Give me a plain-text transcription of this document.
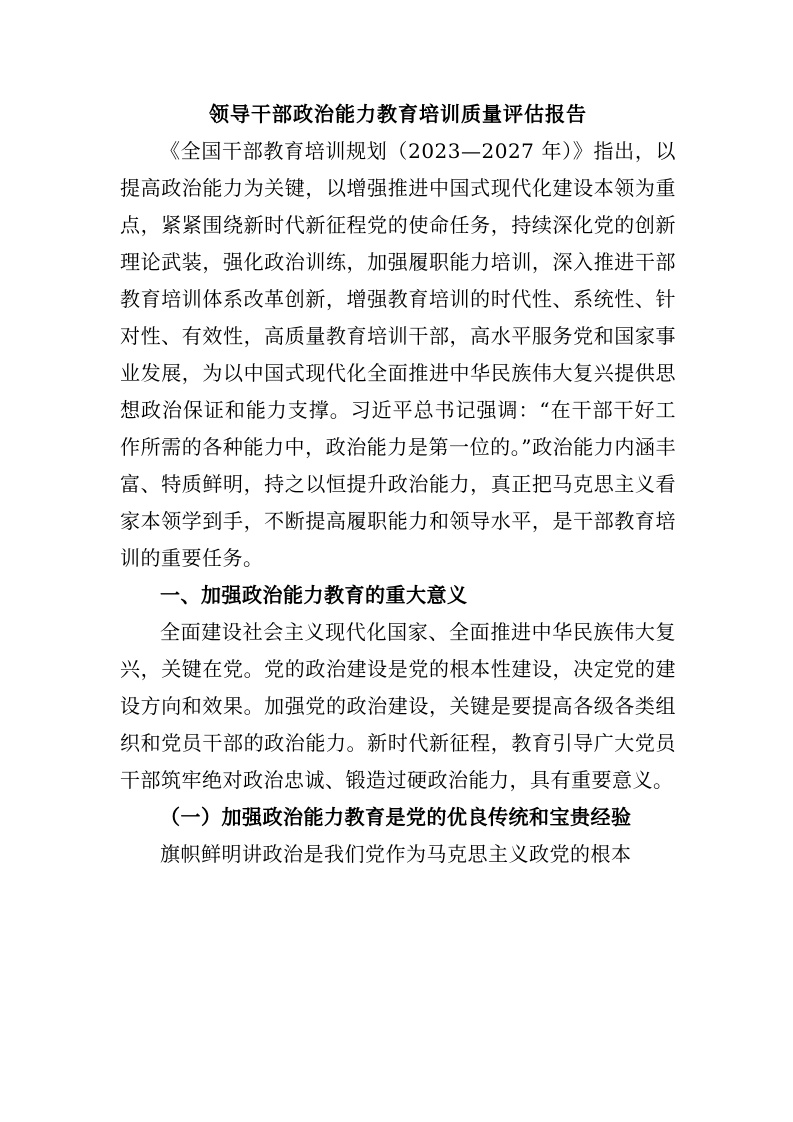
领导干部政治能力教育培训质量评估报告

《全国干部教育培训规划（2023—2027 年）》指出，以提高政治能力为关键，以增强推进中国式现代化建设本领为重点，紧紧围绕新时代新征程党的使命任务，持续深化党的创新理论武装，强化政治训练，加强履职能力培训，深入推进干部教育培训体系改革创新，增强教育培训的时代性、系统性、针对性、有效性，高质量教育培训干部，高水平服务党和国家事业发展，为以中国式现代化全面推进中华民族伟大复兴提供思想政治保证和能力支撑。习近平总书记强调：“在干部干好工作所需的各种能力中，政治能力是第一位的。”政治能力内涵丰富、特质鲜明，持之以恒提升政治能力，真正把马克思主义看家本领学到手，不断提高履职能力和领导水平，是干部教育培训的重要任务。

一、加强政治能力教育的重大意义

全面建设社会主义现代化国家、全面推进中华民族伟大复兴，关键在党。党的政治建设是党的根本性建设，决定党的建设方向和效果。加强党的政治建设，关键是要提高各级各类组织和党员干部的政治能力。新时代新征程，教育引导广大党员干部筑牢绝对政治忠诚、锻造过硬政治能力，具有重要意义。

（一）加强政治能力教育是党的优良传统和宝贵经验

旗帜鲜明讲政治是我们党作为马克思主义政党的根本
